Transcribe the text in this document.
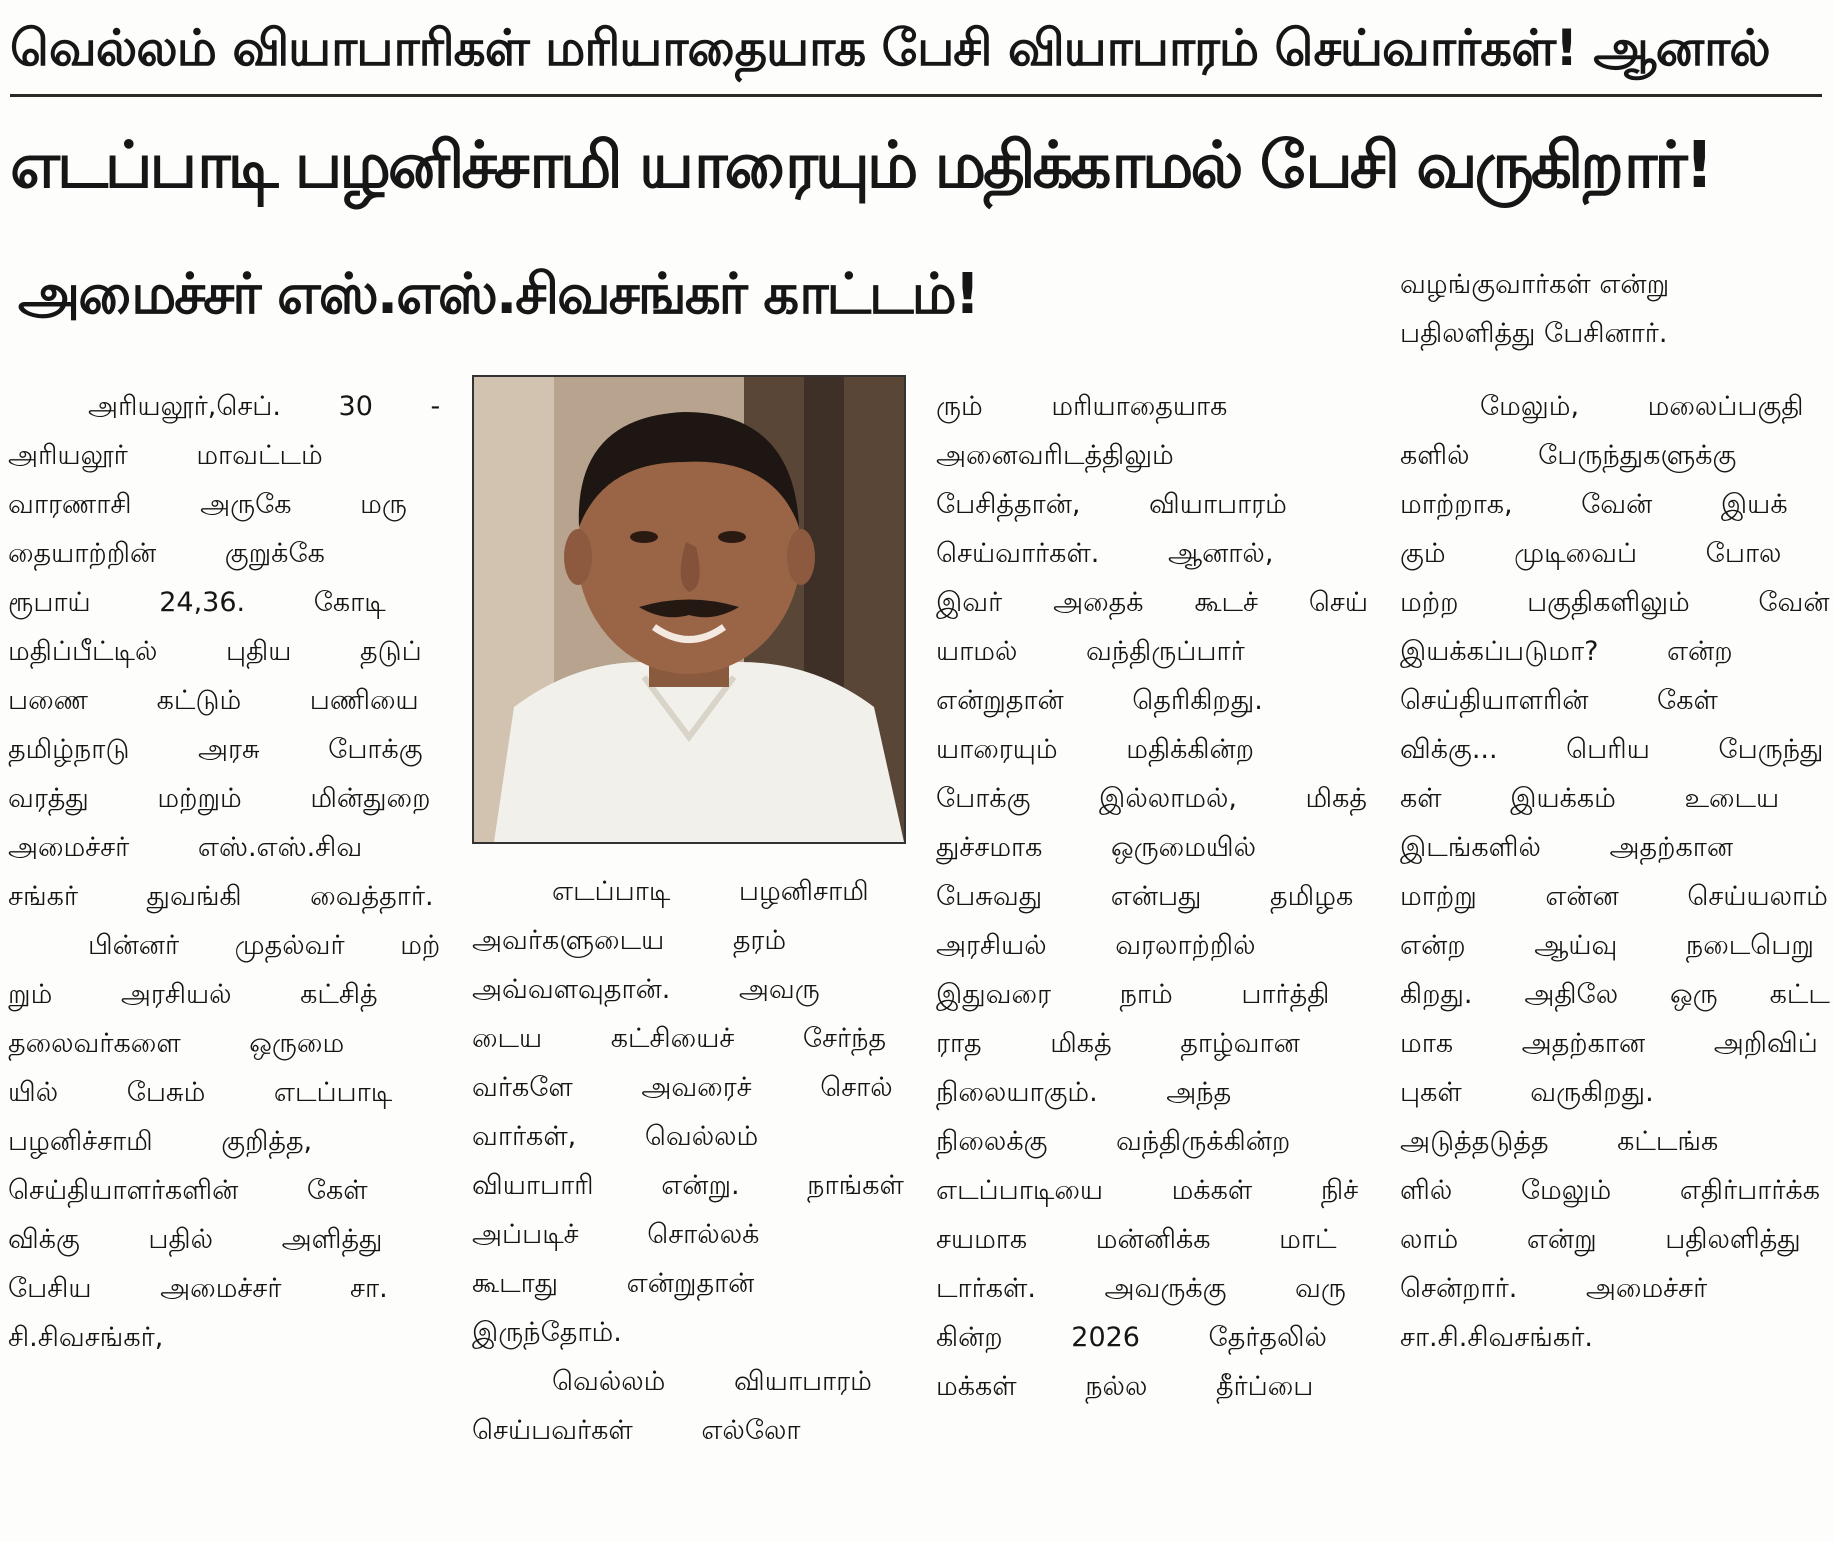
வெல்லம் வியாபாரிகள் மரியாதையாக பேசி வியாபாரம் செய்வார்கள்! ஆனால்
எடப்பாடி பழனிச்சாமி யாரையும் மதிக்காமல் பேசி வருகிறார்!
அமைச்சர் எஸ்.எஸ்.சிவசங்கர் காட்டம்!
அரியலூர்,செப். 30 -
அரியலூர் மாவட்டம்
வாரணாசி அருகே மரு
தையாற்றின் குறுக்கே
ரூபாய் 24,36. கோடி
மதிப்பீட்டில் புதிய தடுப்
பணை கட்டும் பணியை
தமிழ்நாடு அரசு போக்கு
வரத்து மற்றும் மின்துறை
அமைச்சர் எஸ்.எஸ்.சிவ
சங்கர் துவங்கி வைத்தார்.
பின்னர் முதல்வர் மற்
றும் அரசியல் கட்சித்
தலைவர்களை ஒருமை
யில் பேசும் எடப்பாடி
பழனிச்சாமி குறித்த,
செய்தியாளர்களின் கேள்
விக்கு பதில் அளித்து
பேசிய அமைச்சர் சா.
சி.சிவசங்கர்,
எடப்பாடி பழனிசாமி
அவர்களுடைய தரம்
அவ்வளவுதான். அவரு
டைய கட்சியைச் சேர்ந்த
வர்களே அவரைச் சொல்
வார்கள், வெல்லம்
வியாபாரி என்று. நாங்கள்
அப்படிச் சொல்லக்
கூடாது என்றுதான்
இருந்தோம்.
வெல்லம் வியாபாரம்
செய்பவர்கள் எல்லோ
ரும் மரியாதையாக
அனைவரிடத்திலும்
பேசித்தான், வியாபாரம்
செய்வார்கள். ஆனால்,
இவர் அதைக் கூடச் செய்
யாமல் வந்திருப்பார்
என்றுதான் தெரிகிறது.
யாரையும் மதிக்கின்ற
போக்கு இல்லாமல், மிகத்
துச்சமாக ஒருமையில்
பேசுவது என்பது தமிழக
அரசியல் வரலாற்றில்
இதுவரை நாம் பார்த்தி
ராத மிகத் தாழ்வான
நிலையாகும். அந்த
நிலைக்கு வந்திருக்கின்ற
எடப்பாடியை மக்கள் நிச்
சயமாக மன்னிக்க மாட்
டார்கள். அவருக்கு வரு
கின்ற 2026 தேர்தலில்
மக்கள் நல்ல தீர்ப்பை
வழங்குவார்கள் என்று
பதிலளித்து பேசினார்.
மேலும், மலைப்பகுதி
களில் பேருந்துகளுக்கு
மாற்றாக, வேன் இயக்
கும் முடிவைப் போல
மற்ற பகுதிகளிலும் வேன்
இயக்கப்படுமா? என்ற
செய்தியாளரின் கேள்
விக்கு... பெரிய பேருந்து
கள் இயக்கம் உடைய
இடங்களில் அதற்கான
மாற்று என்ன செய்யலாம்
என்ற ஆய்வு நடைபெறு
கிறது. அதிலே ஒரு கட்ட
மாக அதற்கான அறிவிப்
புகள் வருகிறது.
அடுத்தடுத்த கட்டங்க
ளில் மேலும் எதிர்பார்க்க
லாம் என்று பதிலளித்து
சென்றார். அமைச்சர்
சா.சி.சிவசங்கர்.
